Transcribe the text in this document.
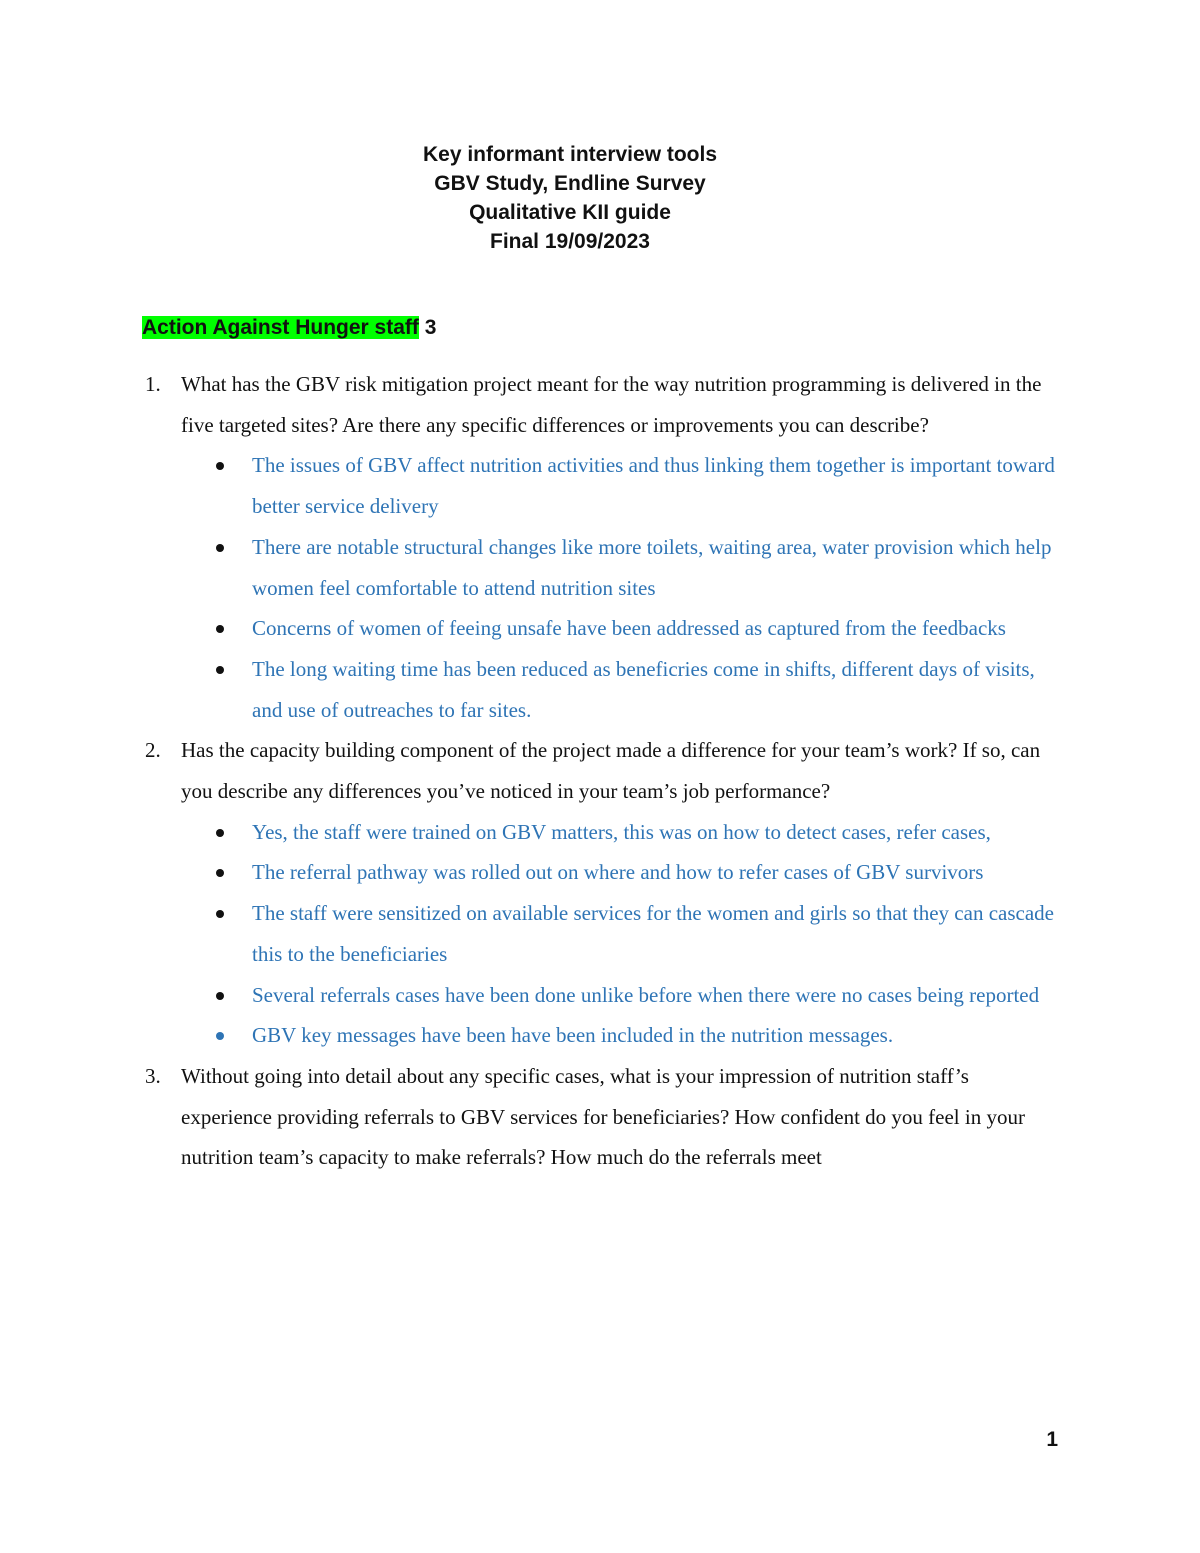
Key informant interview tools
GBV Study, Endline Survey
Qualitative KII guide
Final 19/09/2023
Action Against Hunger staff 3
1. What has the GBV risk mitigation project meant for the way nutrition programming is delivered in the five targeted sites? Are there any specific differences or improvements you can describe?
The issues of GBV affect nutrition activities and thus linking them together is important toward better service delivery
There are notable structural changes like more toilets, waiting area, water provision which help women feel comfortable to attend nutrition sites
Concerns of women of feeing unsafe have been addressed as captured from the feedbacks
The long waiting time has been reduced as beneficries come in shifts, different days of visits, and use of outreaches to far sites.
2. Has the capacity building component of the project made a difference for your team’s work? If so, can you describe any differences you’ve noticed in your team’s job performance?
Yes, the staff were trained on GBV matters, this was on how to detect cases, refer cases,
The referral pathway was rolled out on where and how to refer cases of GBV survivors
The staff were sensitized on available services for the women and girls so that they can cascade this to the beneficiaries
Several referrals cases have been done unlike before when there were no cases being reported
GBV key messages have been have been included in the nutrition messages.
3. Without going into detail about any specific cases, what is your impression of nutrition staff’s experience providing referrals to GBV services for beneficiaries? How confident do you feel in your nutrition team’s capacity to make referrals? How much do the referrals meet
1
